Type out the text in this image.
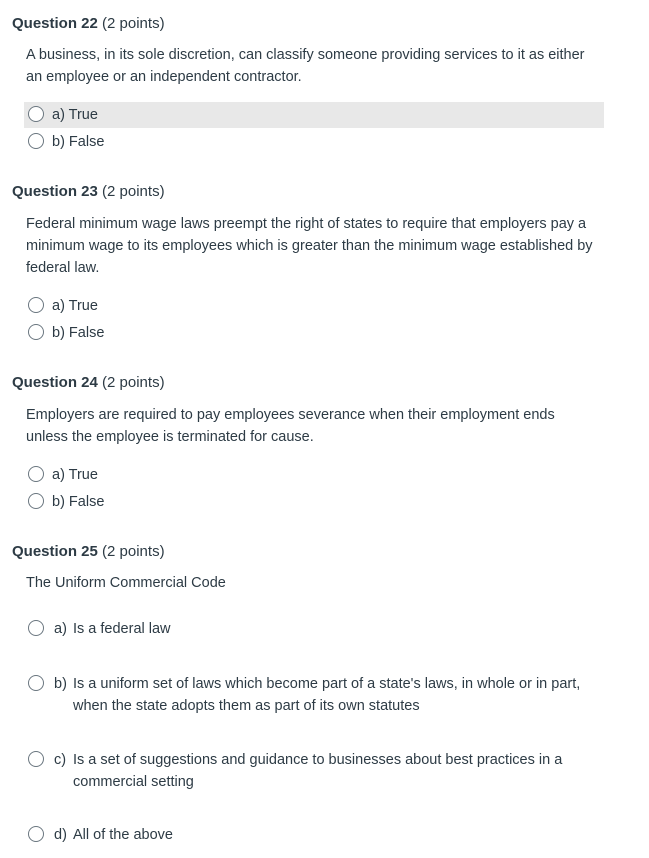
Question 22 (2 points)
A business, in its sole discretion, can classify someone providing services to it as either an employee or an independent contractor.
a) True
b) False
Question 23 (2 points)
Federal minimum wage laws preempt the right of states to require that employers pay a minimum wage to its employees which is greater than the minimum wage established by federal law.
a) True
b) False
Question 24 (2 points)
Employers are required to pay employees severance when their employment ends unless the employee is terminated for cause.
a) True
b) False
Question 25 (2 points)
The Uniform Commercial Code
a) Is a federal law
b) Is a uniform set of laws which become part of a state's laws, in whole or in part, when the state adopts them as part of its own statutes
c) Is a set of suggestions and guidance to businesses about best practices in a commercial setting
d) All of the above
